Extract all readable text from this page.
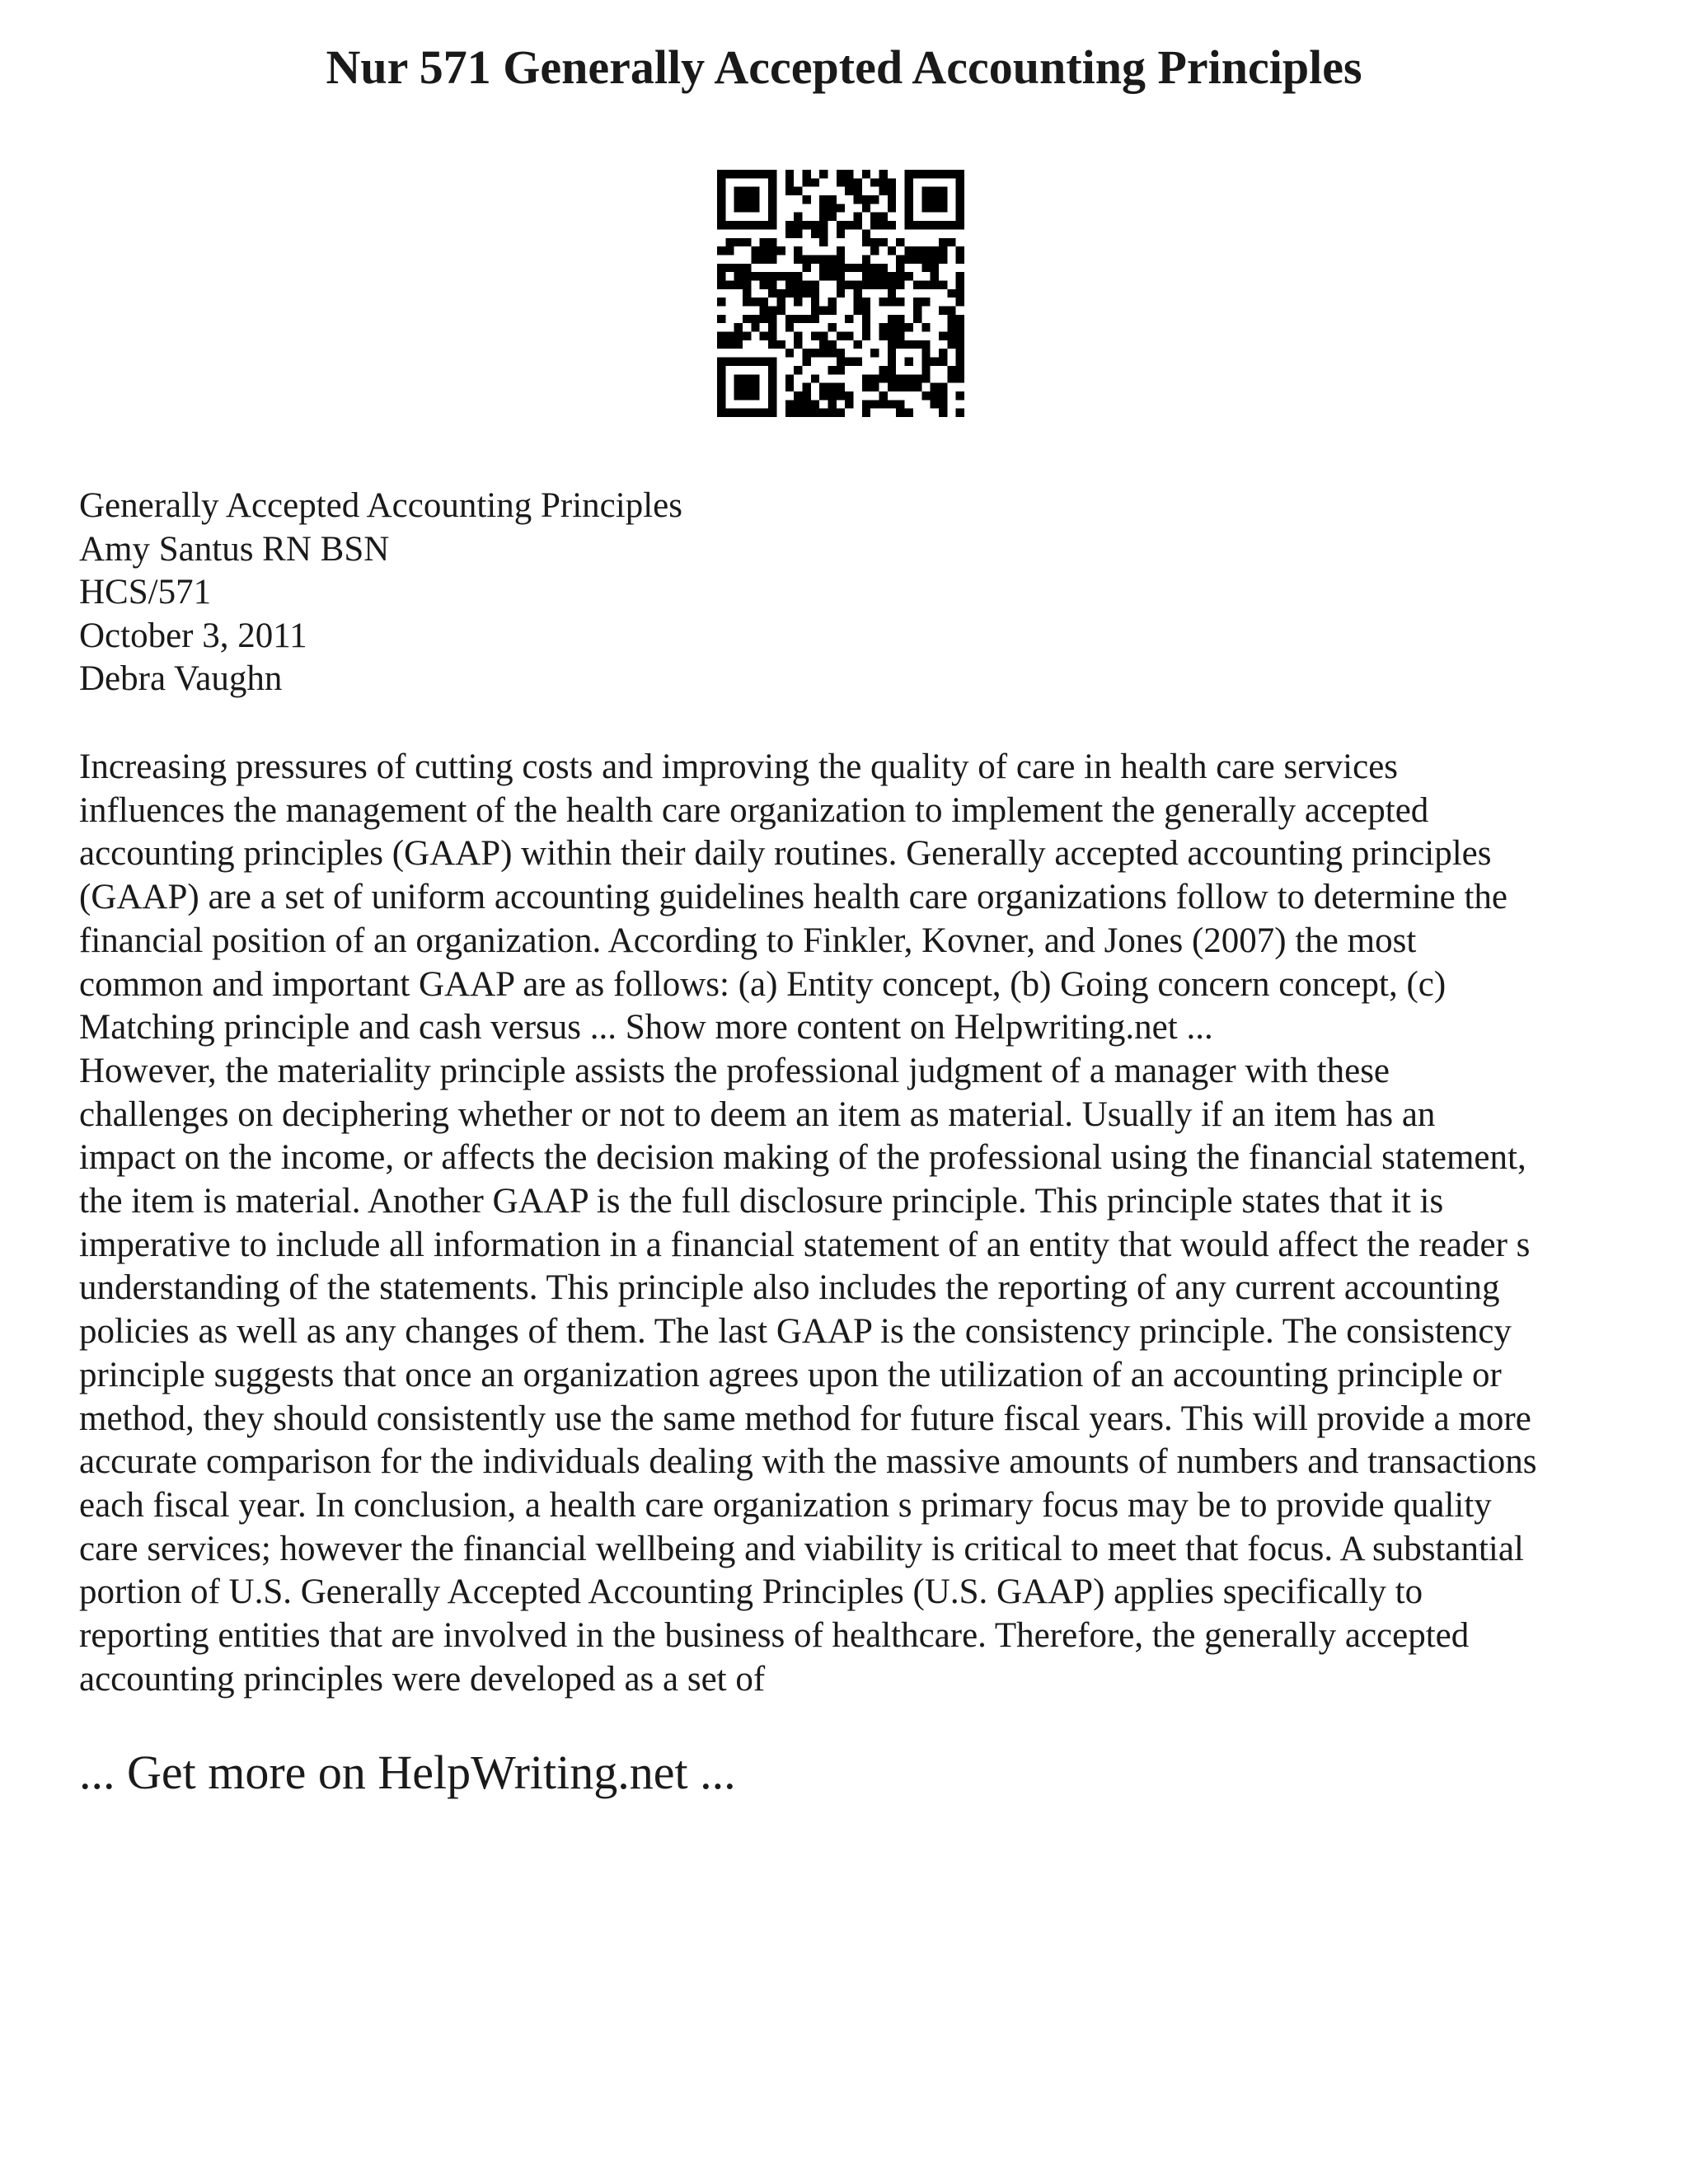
Nur 571 Generally Accepted Accounting Principles
Generally Accepted Accounting Principles
Amy Santus RN BSN
HCS/571
October 3, 2011
Debra Vaughn
Increasing pressures of cutting costs and improving the quality of care in health care services
influences the management of the health care organization to implement the generally accepted
accounting principles (GAAP) within their daily routines. Generally accepted accounting principles
(GAAP) are a set of uniform accounting guidelines health care organizations follow to determine the
financial position of an organization. According to Finkler, Kovner, and Jones (2007) the most
common and important GAAP are as follows: (a) Entity concept, (b) Going concern concept, (c)
Matching principle and cash versus ... Show more content on Helpwriting.net ...
However, the materiality principle assists the professional judgment of a manager with these
challenges on deciphering whether or not to deem an item as material. Usually if an item has an
impact on the income, or affects the decision making of the professional using the financial statement,
the item is material. Another GAAP is the full disclosure principle. This principle states that it is
imperative to include all information in a financial statement of an entity that would affect the reader s
understanding of the statements. This principle also includes the reporting of any current accounting
policies as well as any changes of them. The last GAAP is the consistency principle. The consistency
principle suggests that once an organization agrees upon the utilization of an accounting principle or
method, they should consistently use the same method for future fiscal years. This will provide a more
accurate comparison for the individuals dealing with the massive amounts of numbers and transactions
each fiscal year. In conclusion, a health care organization s primary focus may be to provide quality
care services; however the financial wellbeing and viability is critical to meet that focus. A substantial
portion of U.S. Generally Accepted Accounting Principles (U.S. GAAP) applies specifically to
reporting entities that are involved in the business of healthcare. Therefore, the generally accepted
accounting principles were developed as a set of
... Get more on HelpWriting.net ...
